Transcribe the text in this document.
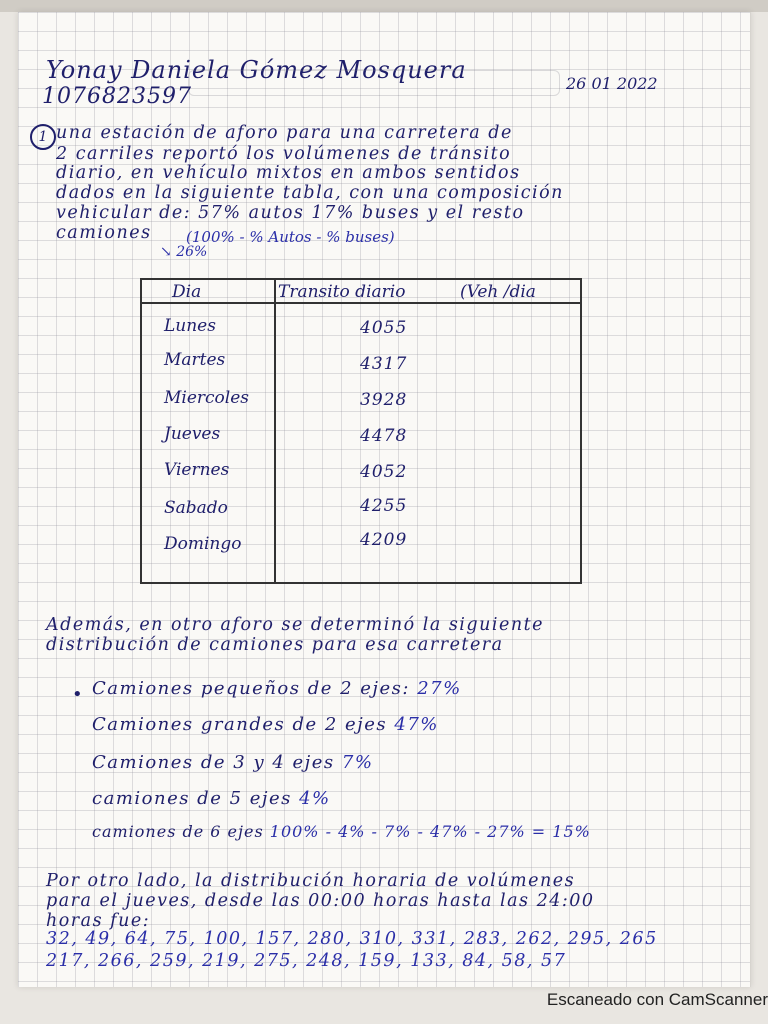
Yonay Daniela Gómez Mosquera
1076823597
26 01 2022
1 una estación de aforo para una carretera de
2 carriles reportó los volúmenes de tránsito
diario, en vehículo mixtos en ambos sentidos
dados en la siguiente tabla, con una composición
vehicular de: 57% autos 17% buses y el resto
camiones (100% - % Autos - % buses)
↘ 26%
Dia	Transito diario	(Veh /dia
Lunes	4055
Martes	4317
Miercoles	3928
Jueves	4478
Viernes	4052
Sabado	4255
Domingo	4209
Además, en otro aforo se determinó la siguiente
distribución de camiones para esa carretera
• Camiones pequeños de 2 ejes: 27%
Camiones grandes de 2 ejes 47%
Camiones de 3 y 4 ejes 7%
camiones de 5 ejes 4%
camiones de 6 ejes 100% - 4% - 7% - 47% - 27% = 15%
Por otro lado, la distribución horaria de volúmenes
para el jueves, desde las 00:00 horas hasta las 24:00
horas fue:
32, 49, 64, 75, 100, 157, 280, 310, 331, 283, 262, 295, 265
217, 266, 259, 219, 275, 248, 159, 133, 84, 58, 57
Escaneado con CamScanner
